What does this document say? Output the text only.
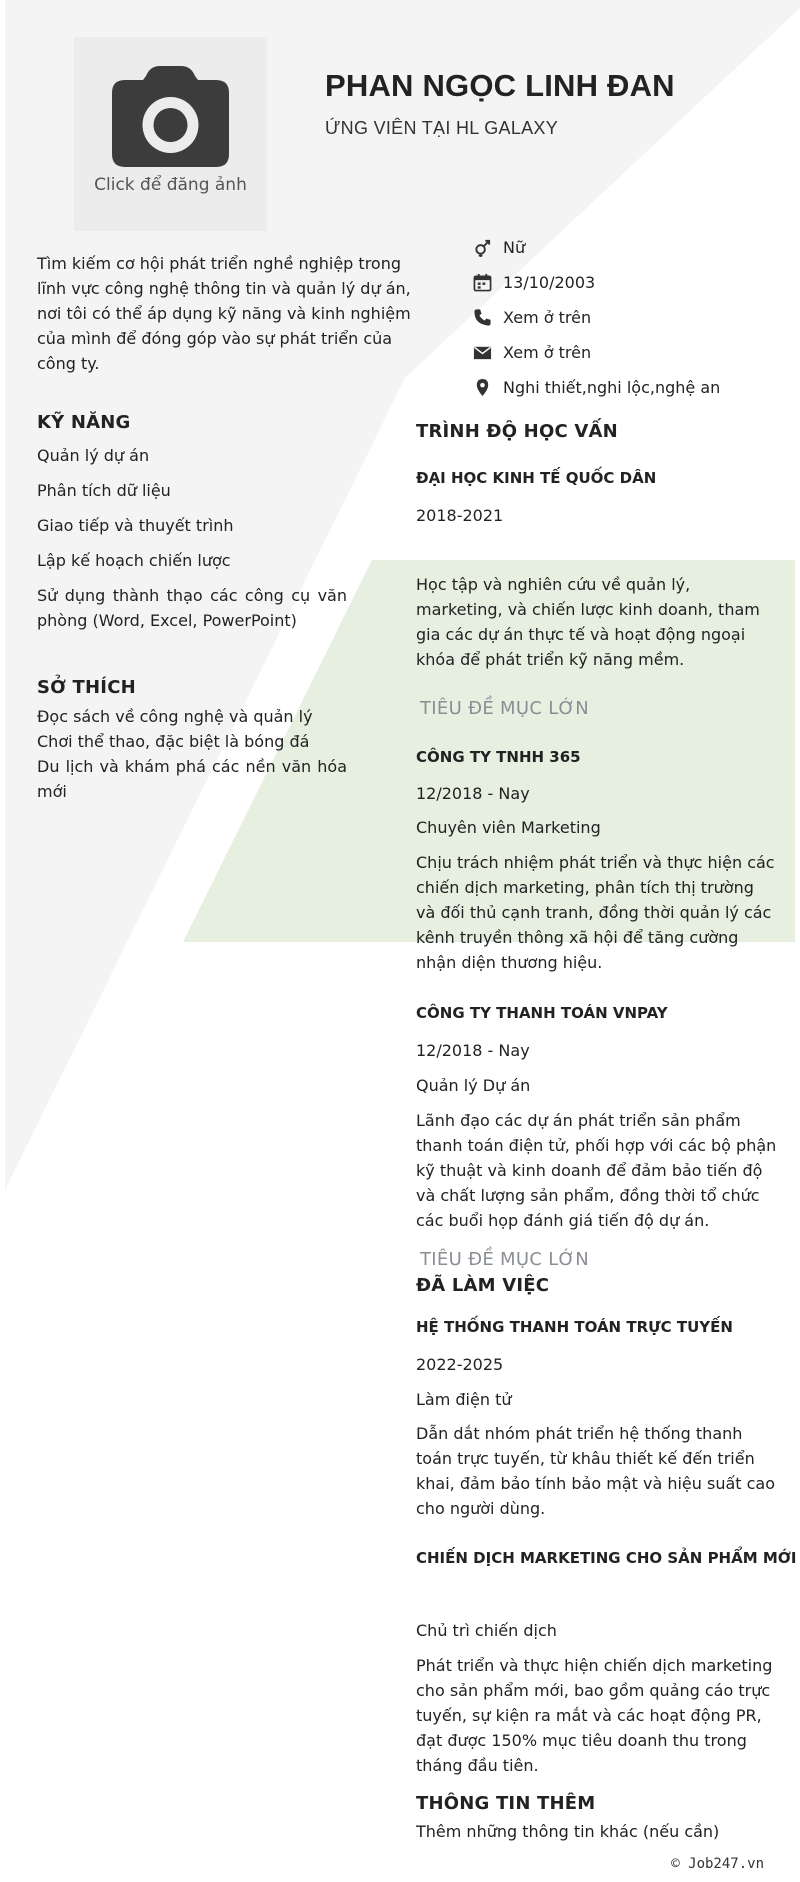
Click để đăng ảnh
PHAN NGỌC LINH ĐAN
ỨNG VIÊN TẠI HL GALAXY
Tìm kiếm cơ hội phát triển nghề nghiệp trong lĩnh vực công nghệ thông tin và quản lý dự án, nơi tôi có thể áp dụng kỹ năng và kinh nghiệm của mình để đóng góp vào sự phát triển của công ty.
Nữ
13/10/2003
Xem ở trên
Xem ở trên
Nghi thiết,nghi lộc,nghệ an
KỸ NĂNG
Quản lý dự án
Phân tích dữ liệu
Giao tiếp và thuyết trình
Lập kế hoạch chiến lược
Sử dụng thành thạo các công cụ văn phòng (Word, Excel, PowerPoint)
SỞ THÍCH
Đọc sách về công nghệ và quản lý
Chơi thể thao, đặc biệt là bóng đá
Du lịch và khám phá các nền văn hóa mới
TRÌNH ĐỘ HỌC VẤN
ĐẠI HỌC KINH TẾ QUỐC DÂN
2018-2021
Học tập và nghiên cứu về quản lý, marketing, và chiến lược kinh doanh, tham gia các dự án thực tế và hoạt động ngoại khóa để phát triển kỹ năng mềm.
TIÊU ĐỀ MỤC LỚN
CÔNG TY TNHH 365
12/2018 - Nay
Chuyên viên Marketing
Chịu trách nhiệm phát triển và thực hiện các chiến dịch marketing, phân tích thị trường và đối thủ cạnh tranh, đồng thời quản lý các kênh truyền thông xã hội để tăng cường nhận diện thương hiệu.
CÔNG TY THANH TOÁN VNPAY
12/2018 - Nay
Quản lý Dự án
Lãnh đạo các dự án phát triển sản phẩm thanh toán điện tử, phối hợp với các bộ phận kỹ thuật và kinh doanh để đảm bảo tiến độ và chất lượng sản phẩm, đồng thời tổ chức các buổi họp đánh giá tiến độ dự án.
TIÊU ĐỀ MỤC LỚN
ĐÃ LÀM VIỆC
HỆ THỐNG THANH TOÁN TRỰC TUYẾN
2022-2025
Làm điện tử
Dẫn dắt nhóm phát triển hệ thống thanh toán trực tuyến, từ khâu thiết kế đến triển khai, đảm bảo tính bảo mật và hiệu suất cao cho người dùng.
CHIẾN DỊCH MARKETING CHO SẢN PHẨM MỚI
Chủ trì chiến dịch
Phát triển và thực hiện chiến dịch marketing cho sản phẩm mới, bao gồm quảng cáo trực tuyến, sự kiện ra mắt và các hoạt động PR, đạt được 150% mục tiêu doanh thu trong tháng đầu tiên.
THÔNG TIN THÊM
Thêm những thông tin khác (nếu cần)
© Job247.vn
